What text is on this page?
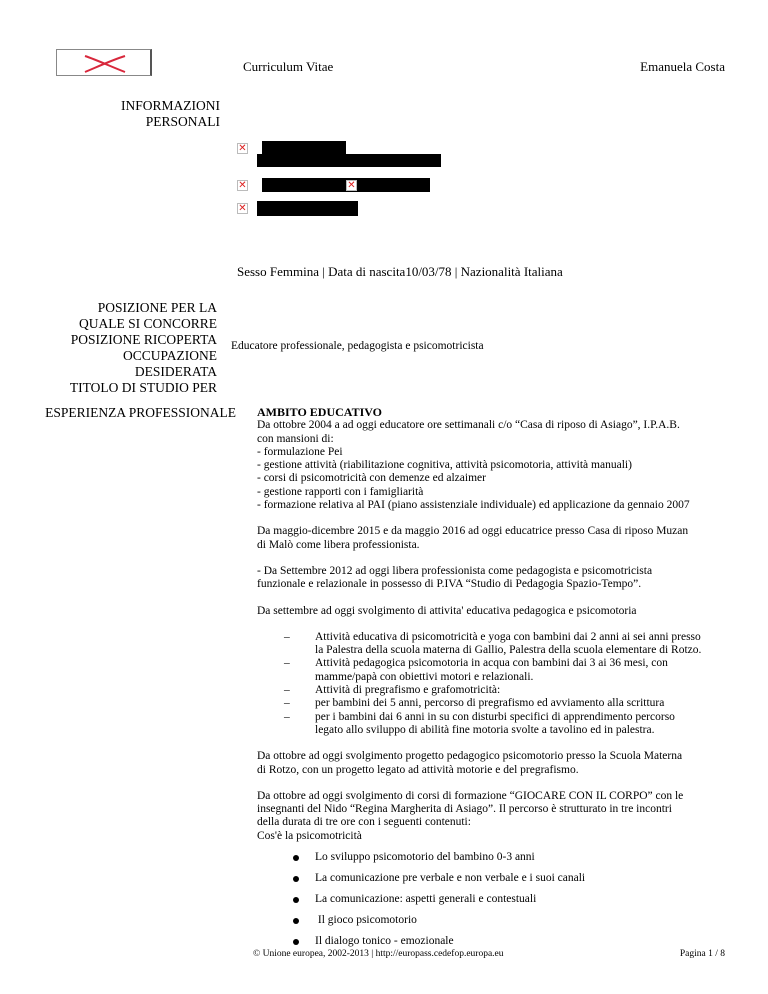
Curriculum Vitae	Emanuela Costa
INFORMAZIONI
PERSONALI
✕
✕	✕
✕
Sesso Femmina | Data di nascita10/03/78 | Nazionalità Italiana
POSIZIONE PER LA
QUALE SI CONCORRE
POSIZIONE RICOPERTA
OCCUPAZIONE
DESIDERATA
TITOLO DI STUDIO PER
Educatore professionale, pedagogista e psicomotricista
ESPERIENZA PROFESSIONALE AMBITO EDUCATIVO

Da ottobre 2004 a ad oggi educatore ore settimanali c/o “Casa di riposo di Asiago”, I.P.A.B.

con mansioni di:

- formulazione Pei

- gestione attività (riabilitazione cognitiva, attività psicomotoria, attività manuali)

- corsi di psicomotricità con demenze ed alzaimer

- gestione rapporti con i famigliarità

- formazione relativa al PAI (piano assistenziale individuale) ed applicazione da gennaio 2007

Da maggio-dicembre 2015 e da maggio 2016 ad oggi educatrice presso Casa di riposo Muzan

di Malò come libera professionista.

- Da Settembre 2012 ad oggi libera professionista come pedagogista e psicomotricista

funzionale e relazionale in possesso di P.IVA “Studio di Pedagogia Spazio-Tempo”.

Da settembre ad oggi svolgimento di attivita' educativa pedagogica e psicomotoria

– Attività educativa di psicomotricità e yoga con bambini dai 2 anni ai sei anni presso
la Palestra della scuola materna di Gallio, Palestra della scuola elementare di Rotzo.
– Attività pedagogica psicomotoria in acqua con bambini dai 3 ai 36 mesi, con
mamme/papà con obiettivi motori e relazionali.
– Attività di pregrafismo e grafomotricità:
– per bambini dei 5 anni, percorso di pregrafismo ed avviamento alla scrittura
– per i bambini dai 6 anni in su con disturbi specifici di apprendimento percorso
legato allo sviluppo di abilità fine motoria svolte a tavolino ed in palestra.

Da ottobre ad oggi svolgimento progetto pedagogico psicomotorio presso la Scuola Materna

di Rotzo, con un progetto legato ad attività motorie e del pregrafismo.

Da ottobre ad oggi svolgimento di corsi di formazione “GIOCARE CON IL CORPO” con le

insegnanti del Nido “Regina Margherita di Asiago”. Il percorso è strutturato in tre incontri

della durata di tre ore con i seguenti contenuti:

Cos'è la psicomotricità

Lo sviluppo psicomotorio del bambino 0-3 anni
La comunicazione pre verbale e non verbale e i suoi canali
La comunicazione: aspetti generali e contestuali
Il gioco psicomotorio
Il dialogo tonico - emozionale
© Unione europea, 2002-2013 | http://europass.cedefop.europa.eu	Pagina 1 / 8
